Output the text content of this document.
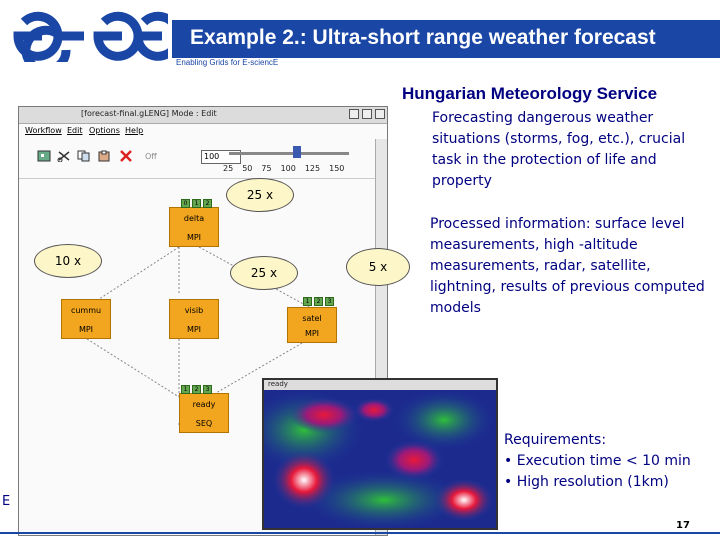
Example 2.: Ultra-short range weather forecast
Enabling Grids for E-sciencE
[forecast-final.gLENG] Mode : Edit
Workflow Edit Options Help
Off	100
25 50 75 100 125 150
delta
MPI
0	1	2
cummu
MPI
visib
MPI
satel
MPI
1	2	3
ready
SEQ
1	2	3
25 x
10 x
25 x	5 x
Hungarian Meteorology Service
Forecasting dangerous weather situations (storms, fog, etc.), crucial task in the protection of life and property
Processed information: surface level measurements, high -altitude measurements, radar, satellite, lightning, results of previous computed models
ready
Requirements:
• Execution time < 10 min
• High resolution (1km)
E
17
